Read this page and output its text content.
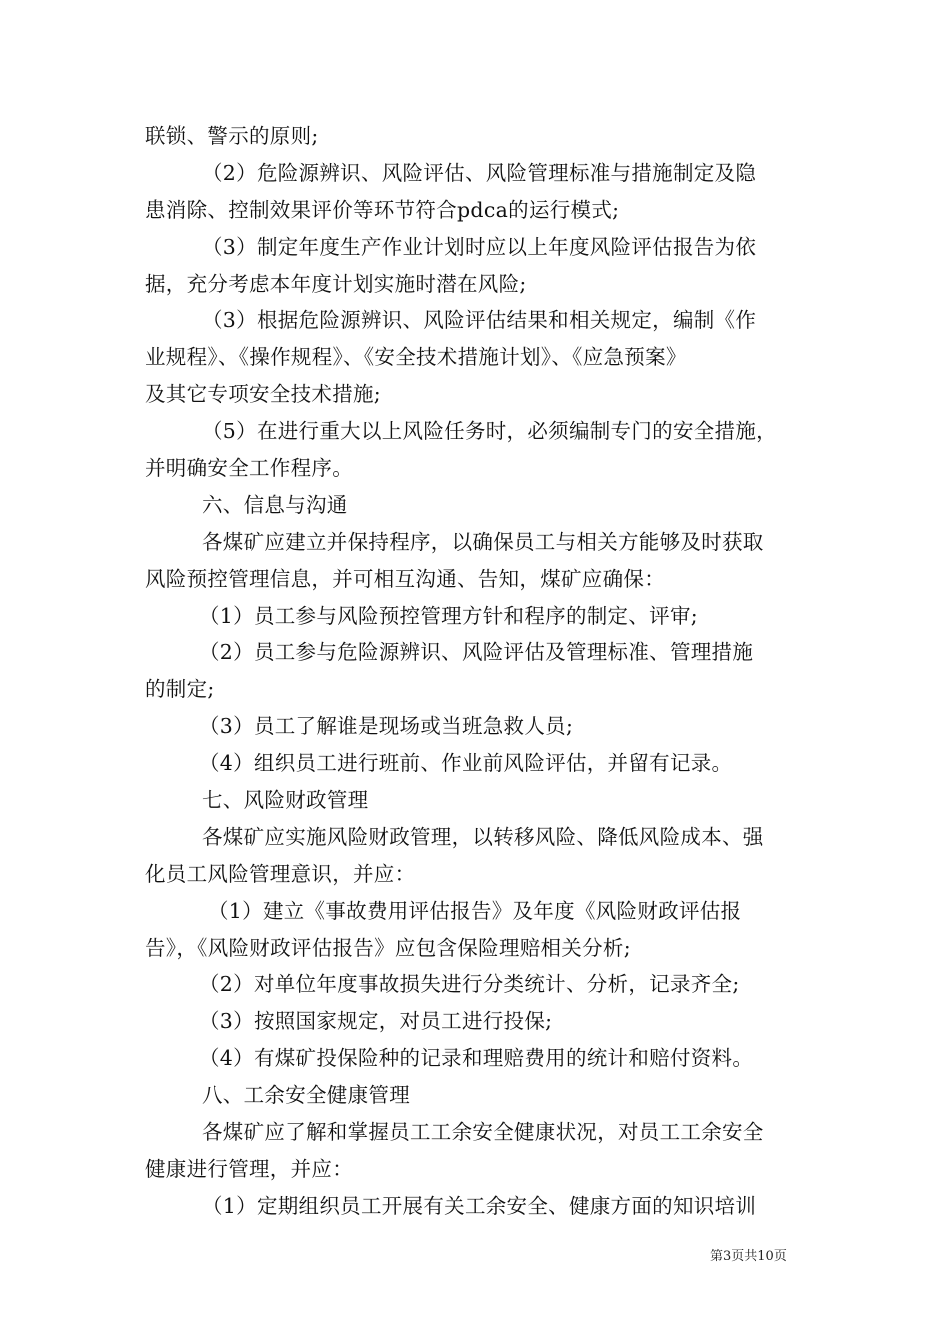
联锁、警示的原则;
（2）危险源辨识、风险评估、风险管理标准与措施制定及隐
患消除、控制效果评价等环节符合pdca的运行模式;
（3）制定年度生产作业计划时应以上年度风险评估报告为依
据，充分考虑本年度计划实施时潜在风险;
（3）根据危险源辨识、风险评估结果和相关规定，编制《作
业规程》、《操作规程》、《安全技术措施计划》、《应急预案》
及其它专项安全技术措施;
（5）在进行重大以上风险任务时，必须编制专门的安全措施，
并明确安全工作程序。
六、信息与沟通
各煤矿应建立并保持程序，以确保员工与相关方能够及时获取
风险预控管理信息，并可相互沟通、告知，煤矿应确保：
（1）员工参与风险预控管理方针和程序的制定、评审;
（2）员工参与危险源辨识、风险评估及管理标准、管理措施
的制定;
（3）员工了解谁是现场或当班急救人员;
（4）组织员工进行班前、作业前风险评估，并留有记录。
七、风险财政管理
各煤矿应实施风险财政管理，以转移风险、降低风险成本、强
化员工风险管理意识，并应：
（1）建立《事故费用评估报告》及年度《风险财政评估报
告》，《风险财政评估报告》应包含保险理赔相关分析;
（2）对单位年度事故损失进行分类统计、分析，记录齐全;
（3）按照国家规定，对员工进行投保;
（4）有煤矿投保险种的记录和理赔费用的统计和赔付资料。
八、工余安全健康管理
各煤矿应了解和掌握员工工余安全健康状况，对员工工余安全
健康进行管理，并应：
（1）定期组织员工开展有关工余安全、健康方面的知识培训
第3页共10页
